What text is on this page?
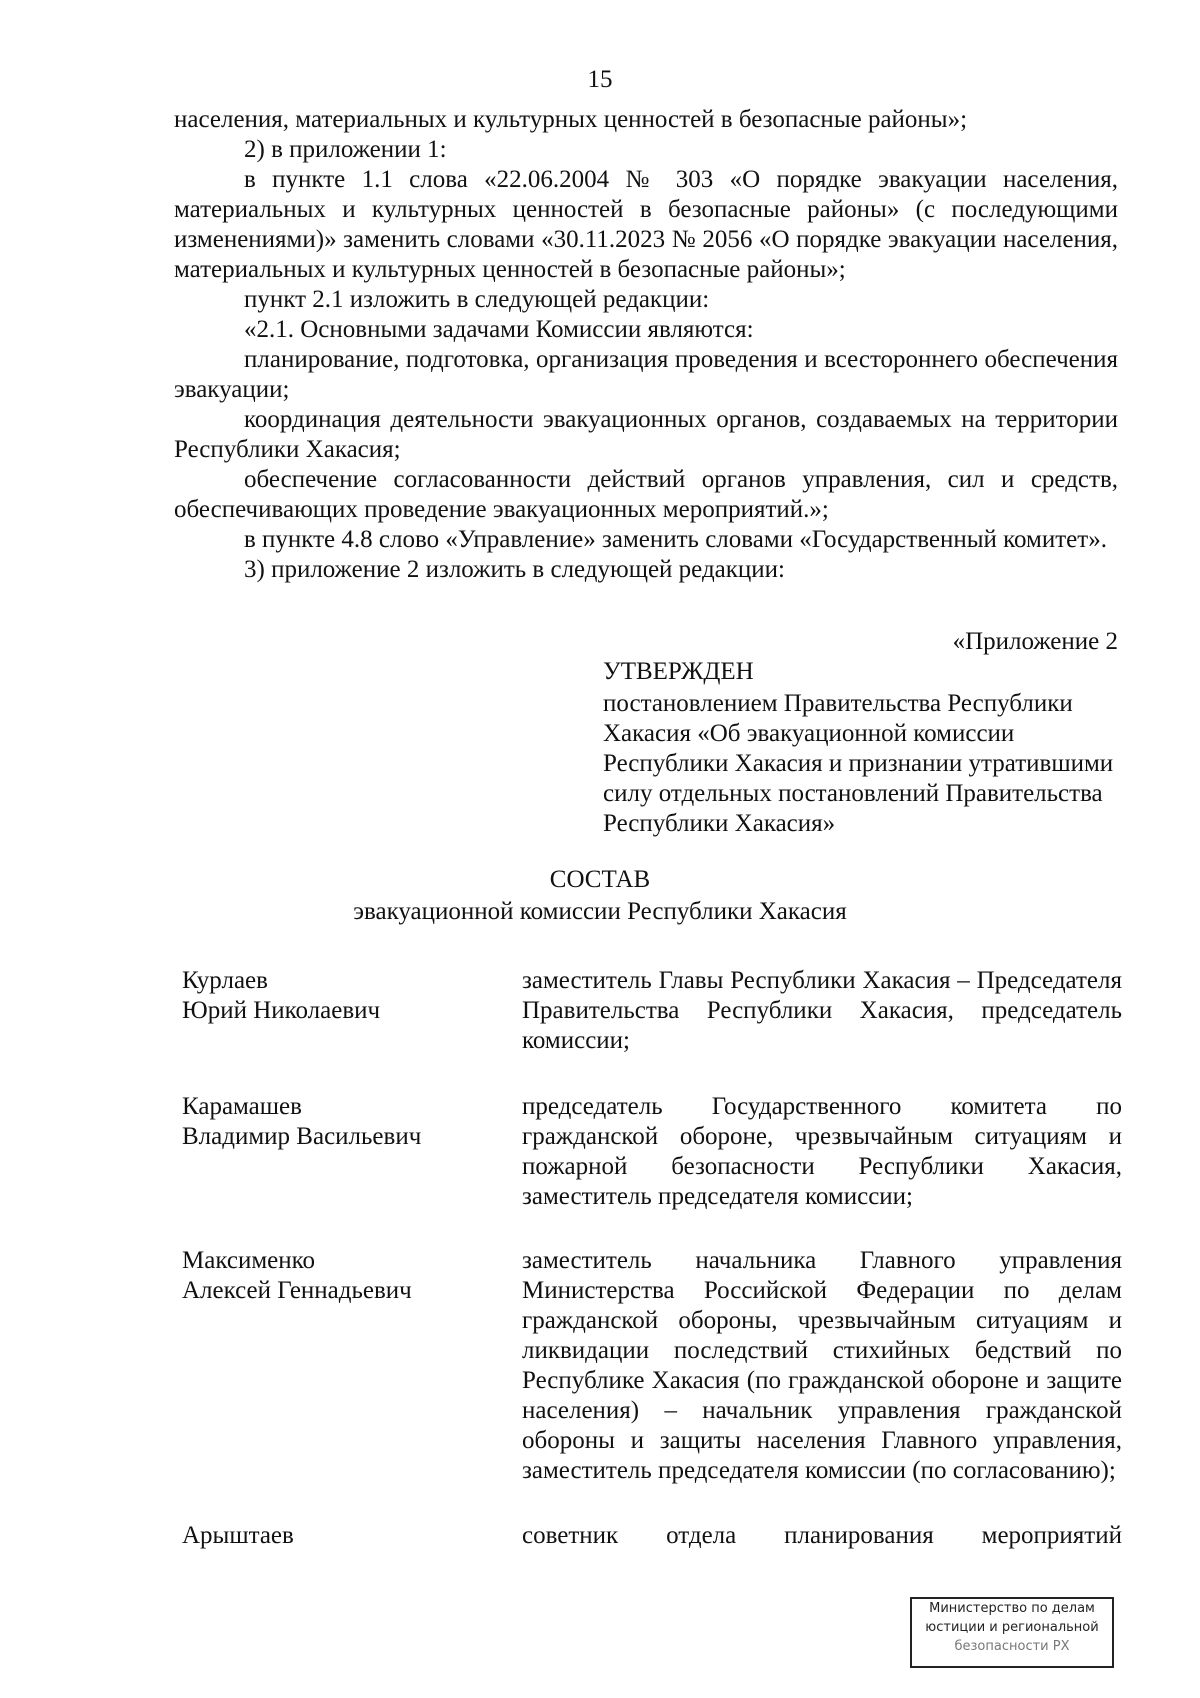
15

населения, материальных и культурных ценностей в безопасные районы»;

2) в приложении 1:

в пункте 1.1 слова «22.06.2004 № 303 «О порядке эвакуации населения, материальных и культурных ценностей в безопасные районы» (с последующими изменениями)» заменить словами «30.11.2023 № 2056 «О порядке эвакуации населения, материальных и культурных ценностей в безопасные районы»;

пункт 2.1 изложить в следующей редакции:

«2.1. Основными задачами Комиссии являются:

планирование, подготовка, организация проведения и всестороннего обеспечения эвакуации;

координация деятельности эвакуационных органов, создаваемых на территории Республики Хакасия;

обеспечение согласованности действий органов управления, сил и средств, обеспечивающих проведение эвакуационных мероприятий.»;

в пункте 4.8 слово «Управление» заменить словами «Государственный комитет».

3) приложение 2 изложить в следующей редакции:

«Приложение 2
УТВЕРЖДЕН
постановлением Правительства Республики Хакасия «Об эвакуационной комиссии Республики Хакасия и признании утратившими силу отдельных постановлений Правительства Республики Хакасия»
СОСТАВ
эвакуационной комиссии Республики Хакасия
Курлаев
Юрий Николаевич
заместитель Главы Республики Хакасия – Председателя Правительства Республики Хакасия, председатель комиссии;
Карамашев
Владимир Васильевич
председатель Государственного комитета по гражданской обороне, чрезвычайным ситуациям и пожарной безопасности Республики Хакасия, заместитель председателя комиссии;
Максименко
Алексей Геннадьевич
заместитель начальника Главного управления Министерства Российской Федерации по делам гражданской обороны, чрезвычайным ситуациям и ликвидации последствий стихийных бедствий по Республике Хакасия (по гражданской обороне и защите населения) – начальник управления гражданской обороны и защиты населения Главного управления, заместитель председателя комиссии (по согласованию);
Арыштаев	советник отдела планирования мероприятий
Министерство по делам
юстиции и региональной
безопасности РХ
